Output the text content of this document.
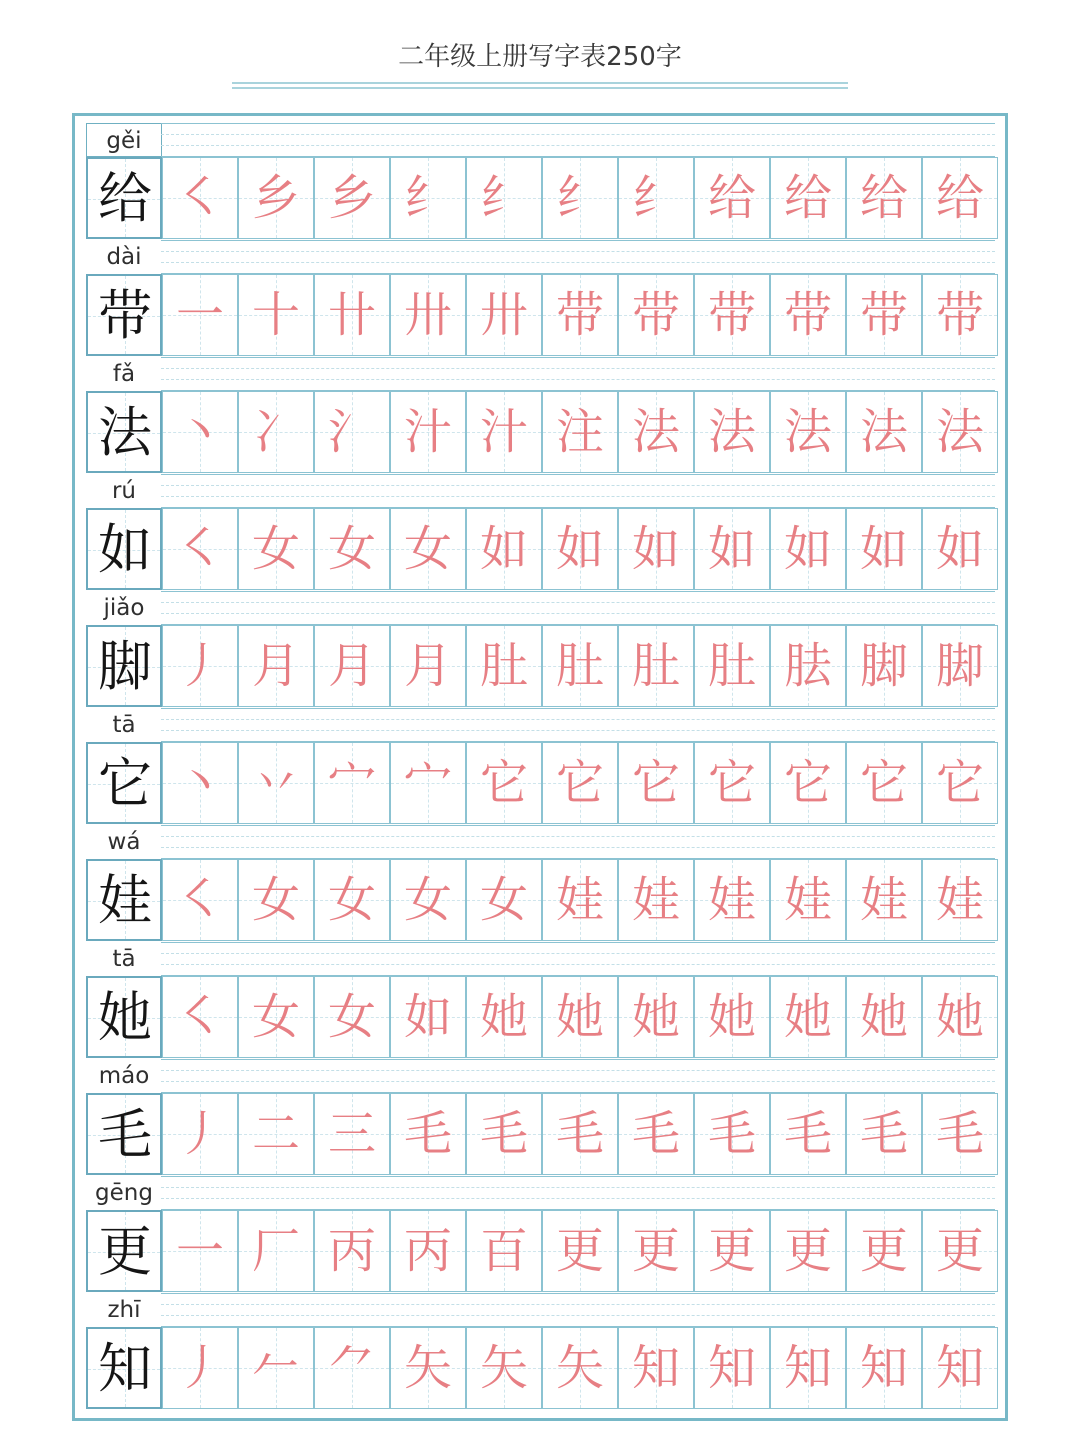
二年级上册写字表250字
gěi
给 ㇛ 乡 乡 纟 纟 纟 纟 给 给 给 给
dài
带 一 十 卄 卅 卅 带 带 带 带 带 带
fǎ
法 丶 冫 氵 汁 汁 注 法 法 法 法 法
rú
如 ㇛ 女 女 女 如 如 如 如 如 如 如
jiǎo
脚 丿 月 月 月 肚 肚 肚 肚 胠 脚 脚
tā
它 丶 丷 宀 宀 它 它 它 它 它 它 它
wá
娃 ㇛ 女 女 女 女 娃 娃 娃 娃 娃 娃
tā
她 ㇛ 女 女 如 她 她 她 她 她 她 她
máo
毛 丿 二 三 毛 毛 毛 毛 毛 毛 毛 毛
gēng
更 一 厂 丙 丙 百 更 更 更 更 更 更
zhī
知 丿 𠂉 ⺈ 矢 矢 矢 知 知 知 知 知
